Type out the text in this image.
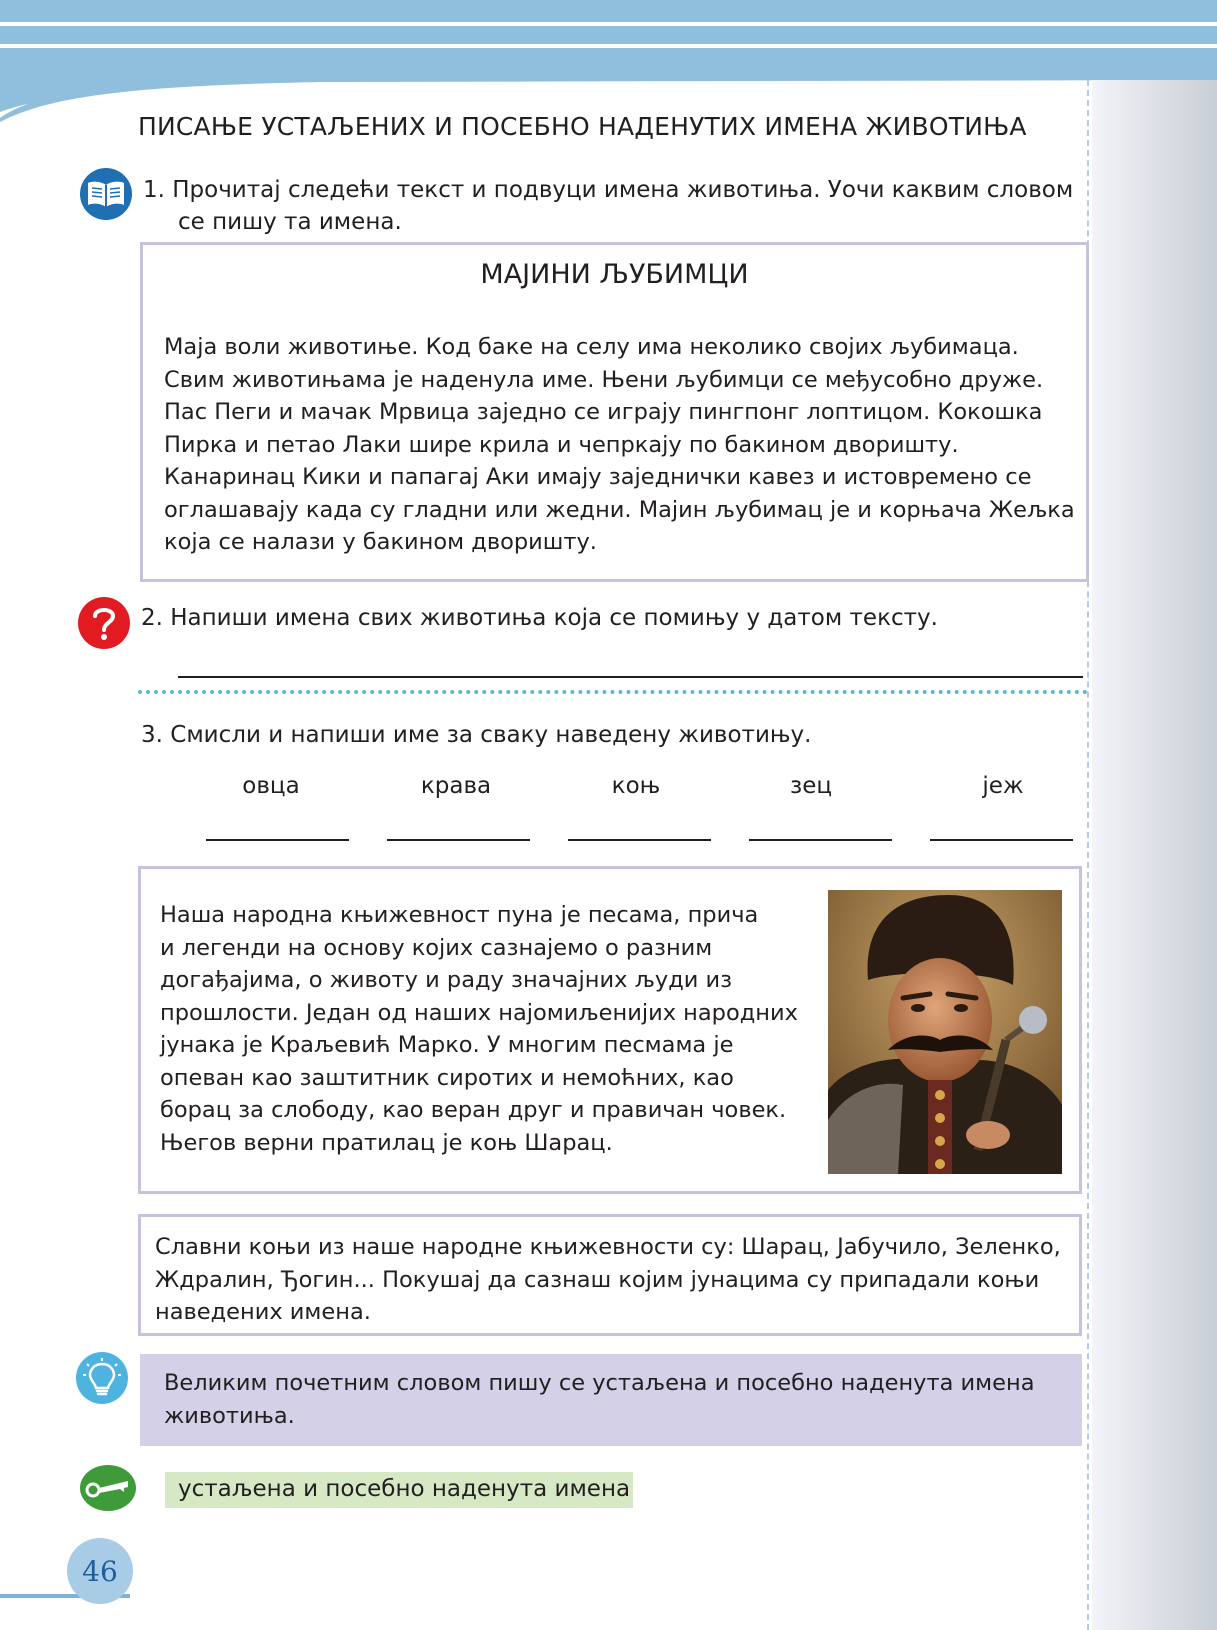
ПИСАЊЕ УСТАЉЕНИХ И ПОСЕБНО НАДЕНУТИХ ИМЕНА ЖИВОТИЊА
1. Прочитај следећи текст и подвуци имена животиња. Уочи каквим словом
се пишу та имена.
МАЈИНИ ЉУБИМЦИ
Маја воли животиње. Код баке на селу има неколико својих љубимаца.
Свим животињама је наденула име. Њени љубимци се међусобно друже.
Пас Пеги и мачак Мрвица заједно се играју пингпонг лоптицом. Кокошка
Пирка и петао Лаки шире крила и чепркају по бакином дворишту.
Канаринац Кики и папагај Аки имају заједнички кавез и истовремено се
оглашавају када су гладни или жедни. Мајин љубимац је и корњача Жељка
која се налази у бакином дворишту.
2. Напиши имена свих животиња која се помињу у датом тексту.
3. Смисли и напиши име за сваку наведену животињу.
овца	крава	коњ	зец	јеж
Наша народна књижевност пуна је песама, прича
и легенди на основу којих сазнајемо о разним
догађајима, о животу и раду значајних људи из
прошлости. Један од наших најомиљенијих народних
јунака је Краљевић Марко. У многим песмама је
опеван као заштитник сиротих и немоћних, као
борац за слободу, као веран друг и правичан човек.
Његов верни пратилац је коњ Шарац.
Славни коњи из наше народне књижевности су: Шарац, Јабучило, Зеленко,
Ждралин, Ђогин... Покушај да сазнаш којим јунацима су припадали коњи
наведених имена.
Великим почетним словом пишу се устаљена и посебно наденута имена
животиња.
устаљена и посебно наденута имена
46
